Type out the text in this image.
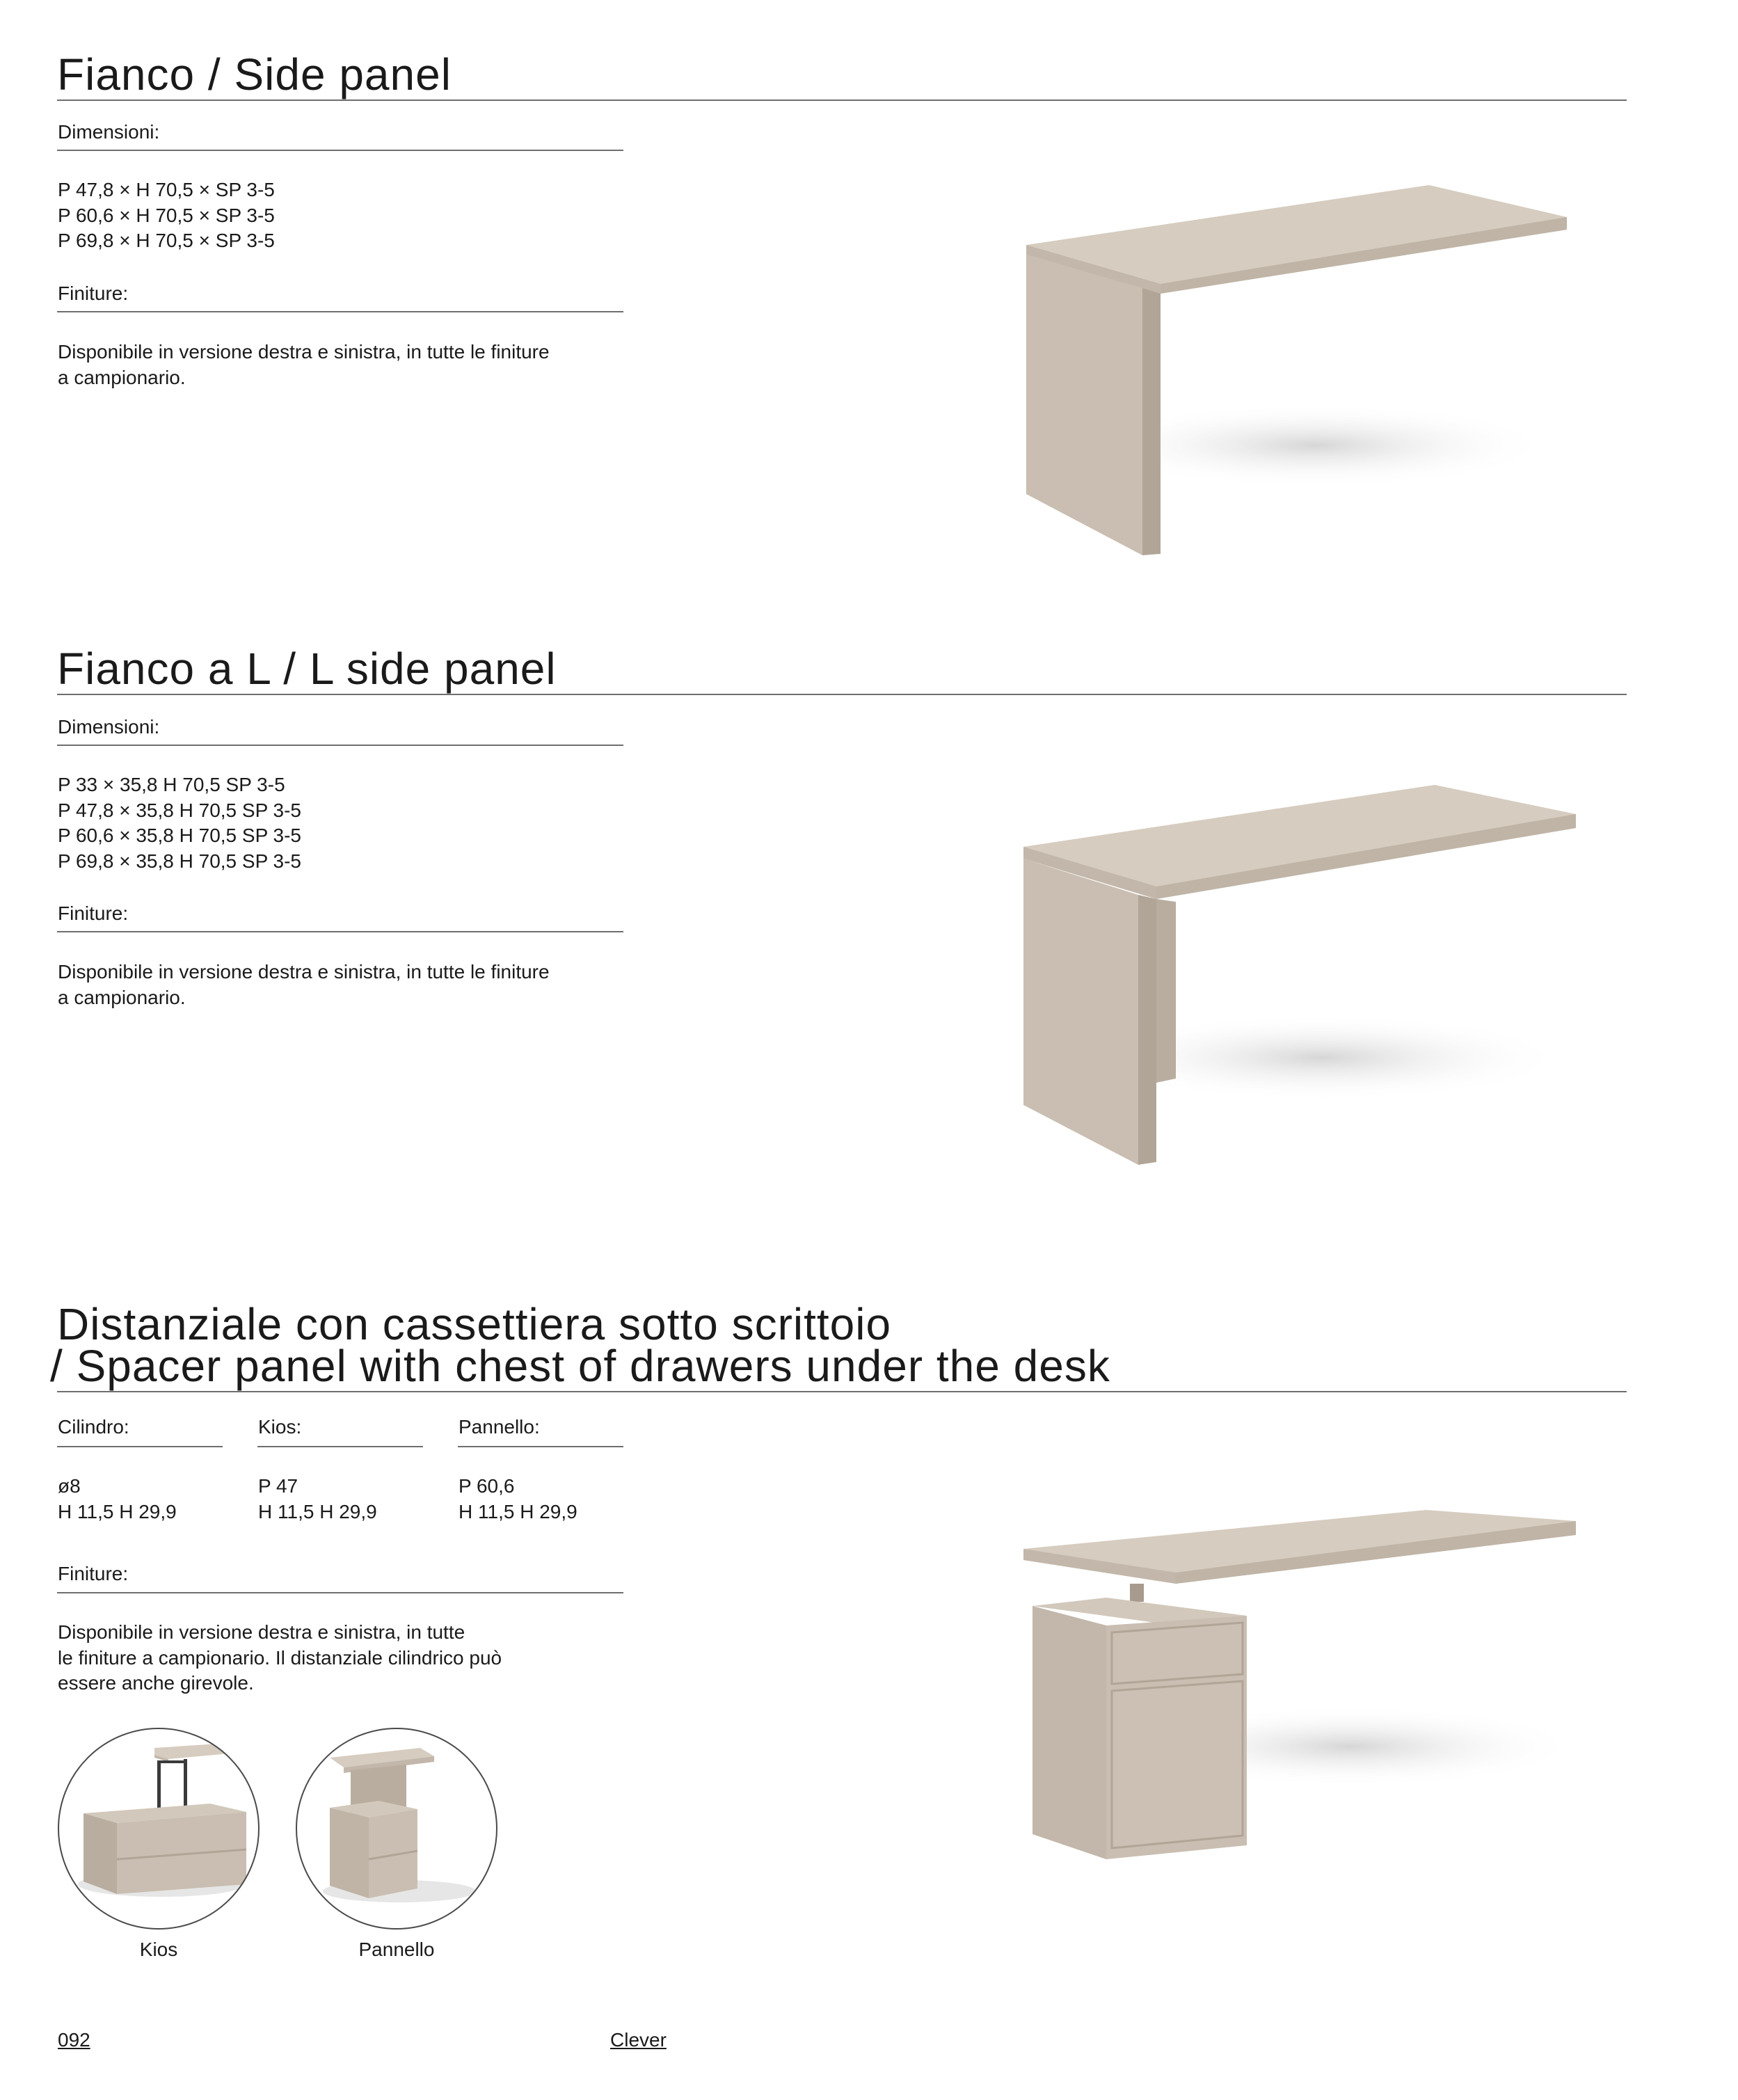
Fianco / Side panel
Dimensioni:
P 47,8 × H 70,5 × SP 3-5
P 60,6 × H 70,5 × SP 3-5
P 69,8 × H 70,5 × SP 3-5
Finiture:
Disponibile in versione destra e sinistra, in tutte le finiture
a campionario.
Fianco a L / L side panel
Dimensioni:
P 33 × 35,8 H 70,5 SP 3-5
P 47,8 × 35,8 H 70,5 SP 3-5
P 60,6 × 35,8 H 70,5 SP 3-5
P 69,8 × 35,8 H 70,5 SP 3-5
Finiture:
Disponibile in versione destra e sinistra, in tutte le finiture
a campionario.
Distanziale con cassettiera sotto scrittoio
/ Spacer panel with chest of drawers under the desk
Cilindro:
ø8
H 11,5 H 29,9
Kios:
P 47
H 11,5 H 29,9
Pannello:
P 60,6
H 11,5 H 29,9
Finiture:
Disponibile in versione destra e sinistra, in tutte
le finiture a campionario. Il distanziale cilindrico può
essere anche girevole.
Kios	Pannello
092	Clever
